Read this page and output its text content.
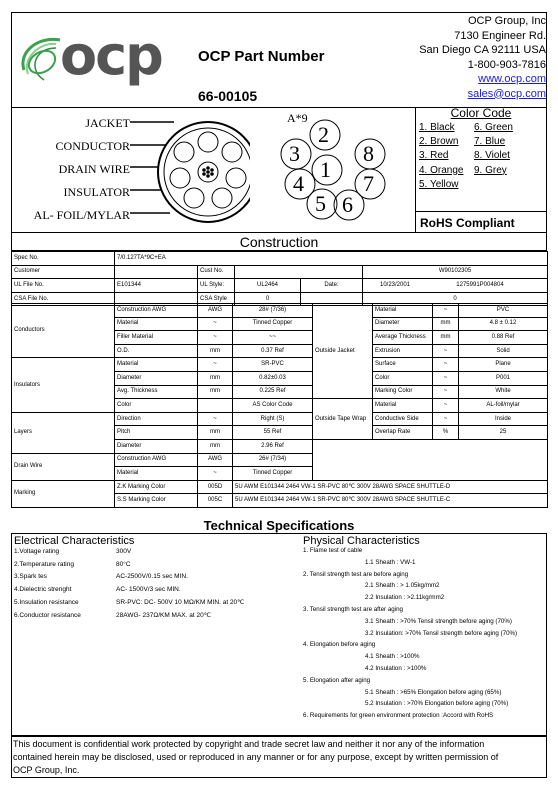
ocp OCP Part Number
66-00105
OCP Group, Inc
7130 Engineer Rd.
San Diego CA 92111 USA
1-800-903-7816
www.ocp.com
sales@ocp.com
JACKET
CONDUCTOR
DRAIN WIRE
INSULATOR
AL- FOIL/MYLAR
A*9
1
2
3
4
5 6
7
8
Color Code
1. Black
2. Brown
3. Red
4. Orange
5. Yellow
6. Green
7. Blue
8. Violet
9. Grey
RoHS Compliant
Construction
Spec No.	7/0.127TA*9C+EA				
Customer		Cust No.			W90102305
UL File No.	E101344	UL Style:	UL2464	Date:	10/23/2001 1275991P004804
CSA File No.		CSA Style	0		0
Conductors	Construction AWG	AWG	28# (7/36)	Outside Jacket	Material	~	PVC
	Material	~	Tinned Copper		Diameter	mm	4.8 ± 0.12
	Filler Material	~	~~		Average Thickness	mm	0.88 Ref
	O.D.	mm	0.37 Ref		Extrusion	~	Solid
Insulators	Material	~	SR-PVC		Surface	~	Plane
	Diameter	mm	0.82±0.03		Color	~	P001
	Avg. Thickness	mm	0.225 Ref		Marking Color	~	White
	Color		AS Color Code	Outside Tape Wrap	Material	~	AL-foil/mylar
Layers	Direction	~	Right (S)		Conductive Side	~	Inside
	Pitch	mm	55 Ref		Overlap Rate	%	25
	Diameter	mm	2.96 Ref				
Drain Wire	Construction AWG	AWG	26# (7/34)				
	Material	~	Tinned Copper				
Marking	Z.K Marking Color	005D	5U AWM E101344 2464 VW-1 SR-PVC 80℃ 300V 28AWG SPACE SHUTTLE-D				
	S.S Marking Color	005C	5U AWM E101344 2464 VW-1 SR-PVC 80℃ 300V 28AWG SPACE SHUTTLE-C				
Technical Specifications
Electrical Characteristics
1.Voltage rating	300V
2.Temperature rating	80°C
3.Spark tes	AC-2500V/0.15 sec MIN.
4.Dielectric strenght	AC- 1500V/3 sec MIN.
5.Insulation resistance	SR-PVC: DC- 500V 10 MΩ/KM MIN. at 20℃
6.Conductor resistance	28AWG- 237Ω/KM MAX. at 20℃
Physical Characteristics
1. Flame test of cable
1.1 Sheath : VW-1
2. Tensil strength test are before aging
2.1 Sheath : > 1.05kg/mm2
2.2 Insulation : >2.11kg/mm2
3. Tensil strength test are after aging
3.1 Sheath : >70% Tensil strength before aging (70%)
3.2 Insulation: >70% Tensil strength before aging (70%)
4. Elongation before aging
4.1 Sheath : >100%
4.2 Insulation : >100%
5. Elongation after aging
5.1 Sheath : >65% Elongation before aging (65%)
5.2 Insulation : >70% Elongation before aging (70%)
6. Requirements for green environment protection :Accord with RoHS
This document is confidential work protected by copyright and trade secret law and neither it nor any of the information
contained herein may be disclosed, used or reproduced in any manner or for any purpose, except by written permission of
OCP Group, Inc.
